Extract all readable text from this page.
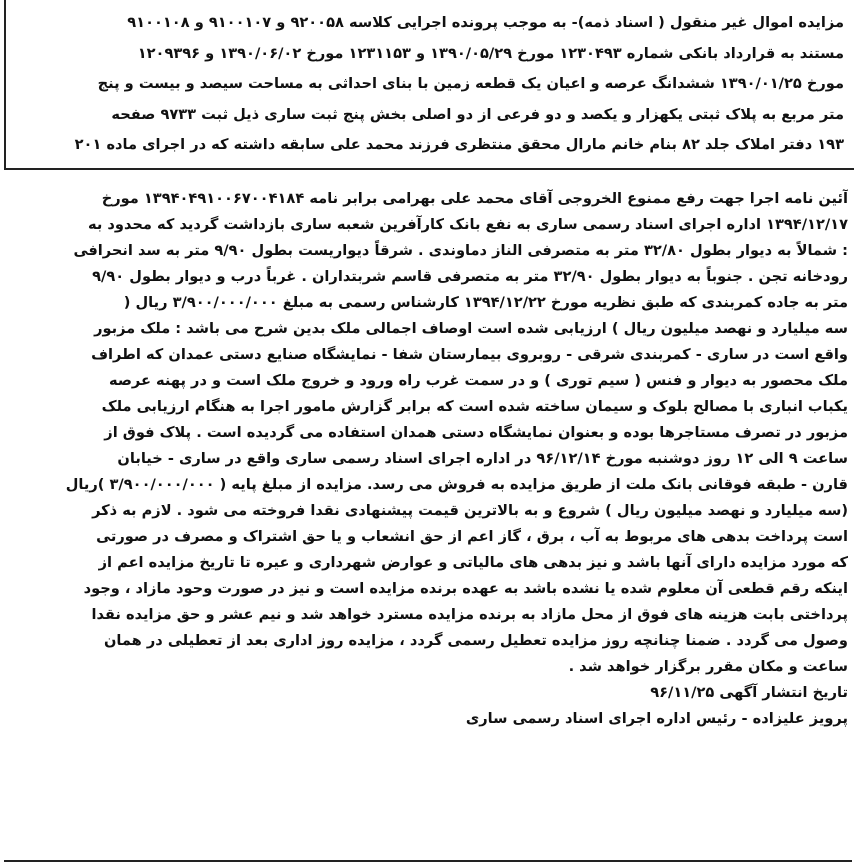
مزایده اموال غیر منقول ( اسناد ذمه)- به موجب پرونده اجرایی کلاسه ۹۲۰۰۵۸ و ۹۱۰۰۱۰۷ و ۹۱۰۰۱۰۸
مستند به قرارداد بانکی شماره ۱۲۳۰۴۹۳ مورخ ۱۳۹۰/۰۵/۲۹ و ۱۲۳۱۱۵۳ مورخ ۱۳۹۰/۰۶/۰۲ و ۱۲۰۹۳۹۶
مورخ ۱۳۹۰/۰۱/۲۵ ششدانگ عرصه و اعیان یک قطعه زمین با بنای احداثی به مساحت سیصد و بیست و پنج
متر مربع به پلاک ثبتی یکهزار و یکصد و دو فرعی از دو اصلی بخش پنج ثبت ساری ذیل ثبت ۹۷۳۳ صفحه
۱۹۳ دفتر املاک جلد ۸۲ بنام خانم مارال محقق منتظری فرزند محمد علی سابقه داشته که در اجرای ماده ۲۰۱

آئین نامه اجرا جهت رفع ممنوع الخروجی آقای محمد علی بهرامی برابر نامه ۱۳۹۴۰۴۹۱۰۰۶۷۰۰۴۱۸۴ مورخ
۱۳۹۴/۱۲/۱۷ اداره اجرای اسناد رسمی ساری به نفع بانک کارآفرین شعبه ساری بازداشت گردید که محدود به
: شمالاً به دیوار بطول ۳۲/۸۰ متر به متصرفی الناز دماوندی . شرقاً دیواریست بطول ۹/۹۰ متر به سد انحرافی
رودخانه تجن . جنوباً به دیوار بطول ۳۲/۹۰ متر به متصرفی قاسم شربتداران . غرباً درب و دیوار بطول ۹/۹۰
متر به جاده کمربندی که طبق نظریه مورخ ۱۳۹۴/۱۲/۲۲ کارشناس رسمی به مبلغ ۳/۹۰۰/۰۰۰/۰۰۰ ریال (
سه میلیارد و نهصد میلیون ریال ) ارزیابی شده است اوصاف اجمالی ملک بدین شرح می باشد : ملک مزبور
واقع است در ساری - کمربندی شرقی - روبروی بیمارستان شفا - نمایشگاه صنایع دستی عمدان که اطراف
ملک محصور به دیوار و فنس ( سیم توری ) و در سمت غرب راه ورود و خروج ملک است و در پهنه عرصه
یکباب انباری با مصالح بلوک و سیمان ساخته شده است که برابر گزارش مامور اجرا به هنگام ارزیابی ملک
مزبور در تصرف مستاجرها بوده و بعنوان نمایشگاه دستی همدان استفاده می گردیده است . پلاک فوق از
ساعت ۹ الی ۱۲ روز دوشنبه مورخ ۹۶/۱۲/۱۴ در اداره اجرای اسناد رسمی ساری واقع در ساری - خیابان
قارن - طبقه فوقانی بانک ملت از طریق مزایده به فروش می رسد. مزایده از مبلغ پایه ( ۳/۹۰۰/۰۰۰/۰۰۰ )ریال
(سه میلیارد و نهصد میلیون ریال ) شروع و به بالاترین قیمت پیشنهادی نقدا فروخته می شود . لازم به ذکر
است پرداخت بدهی های مربوط به آب ، برق ، گاز اعم از حق انشعاب و یا حق اشتراک و مصرف در صورتی
که مورد مزایده دارای آنها باشد و نیز بدهی های مالیاتی و عوارض شهرداری و عیره تا تاریخ مزایده اعم از
اینکه رقم قطعی آن معلوم شده یا نشده باشد به عهده برنده مزایده است و نیز در صورت وحود مازاد ، وجود
پرداختی بابت هزینه های فوق از محل مازاد به برنده مزایده مسترد خواهد شد و نیم عشر و حق مزایده نقدا
وصول می گردد . ضمنا چنانچه روز مزایده تعطیل رسمی گردد ، مزایده روز اداری بعد از تعطیلی در همان
ساعت و مکان مقرر برگزار خواهد شد .
تاریخ انتشار آگهی ۹۶/۱۱/۲۵
پرویز علیزاده - رئیس اداره اجرای اسناد رسمی ساری
